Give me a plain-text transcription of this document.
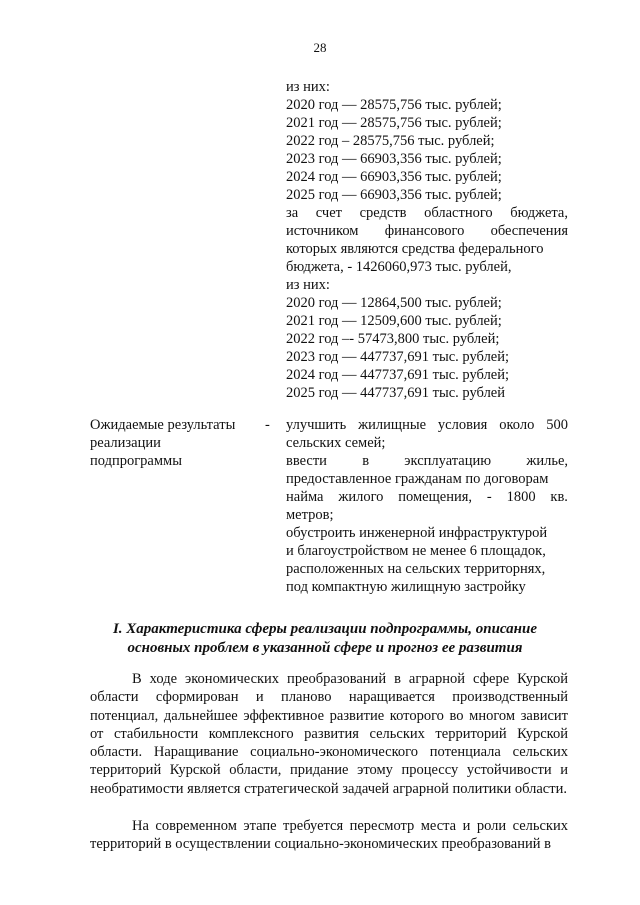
28
из них:
2020 год — 28575,756 тыс. рублей;
2021 год — 28575,756 тыс. рублей;
2022 год – 28575,756 тыс. рублей;
2023 год — 66903,356 тыс. рублей;
2024 год — 66903,356 тыс. рублей;
2025 год — 66903,356 тыс. рублей;
за счет средств областного бюджета,
источником финансового обеспечения
которых являются средства федерального
бюджета, - 1426060,973 тыс. рублей,
из них:
2020 год — 12864,500 тыс. рублей;
2021 год — 12509,600 тыс. рублей;
2022 год –- 57473,800 тыс. рублей;
2023 год — 447737,691 тыс. рублей;
2024 год — 447737,691 тыс. рублей;
2025 год — 447737,691 тыс. рублей
Ожидаемые результаты
реализации
подпрограммы
- улучшить жилищные условия около 500
сельских семей;
ввести в эксплуатацию жилье,
предоставленное гражданам по договорам
найма жилого помещения, - 1800 кв.
метров;
обустроить инженерной инфраструктурой
и благоустройством не менее 6 площадок,
расположенных на сельских территорнях,
под компактную жилищную застройку
I. Характеристика сферы реализации подпрограммы, описание
основных проблем в указанной сфере и прогноз ее развития
В ходе экономических преобразований в аграрной сфере Курской области сформирован и планово наращивается производственный потенциал, дальнейшее эффективное развитие которого во многом зависит от стабильности комплексного развития сельских территорий Курской области. Наращивание социально-экономического потенциала сельских территорий Курской области, придание этому процессу устойчивости и необратимости является стратегической задачей аграрной политики области.
На современном этапе требуется пересмотр места и роли сельских территорий в осуществлении социально-экономических преобразований в
